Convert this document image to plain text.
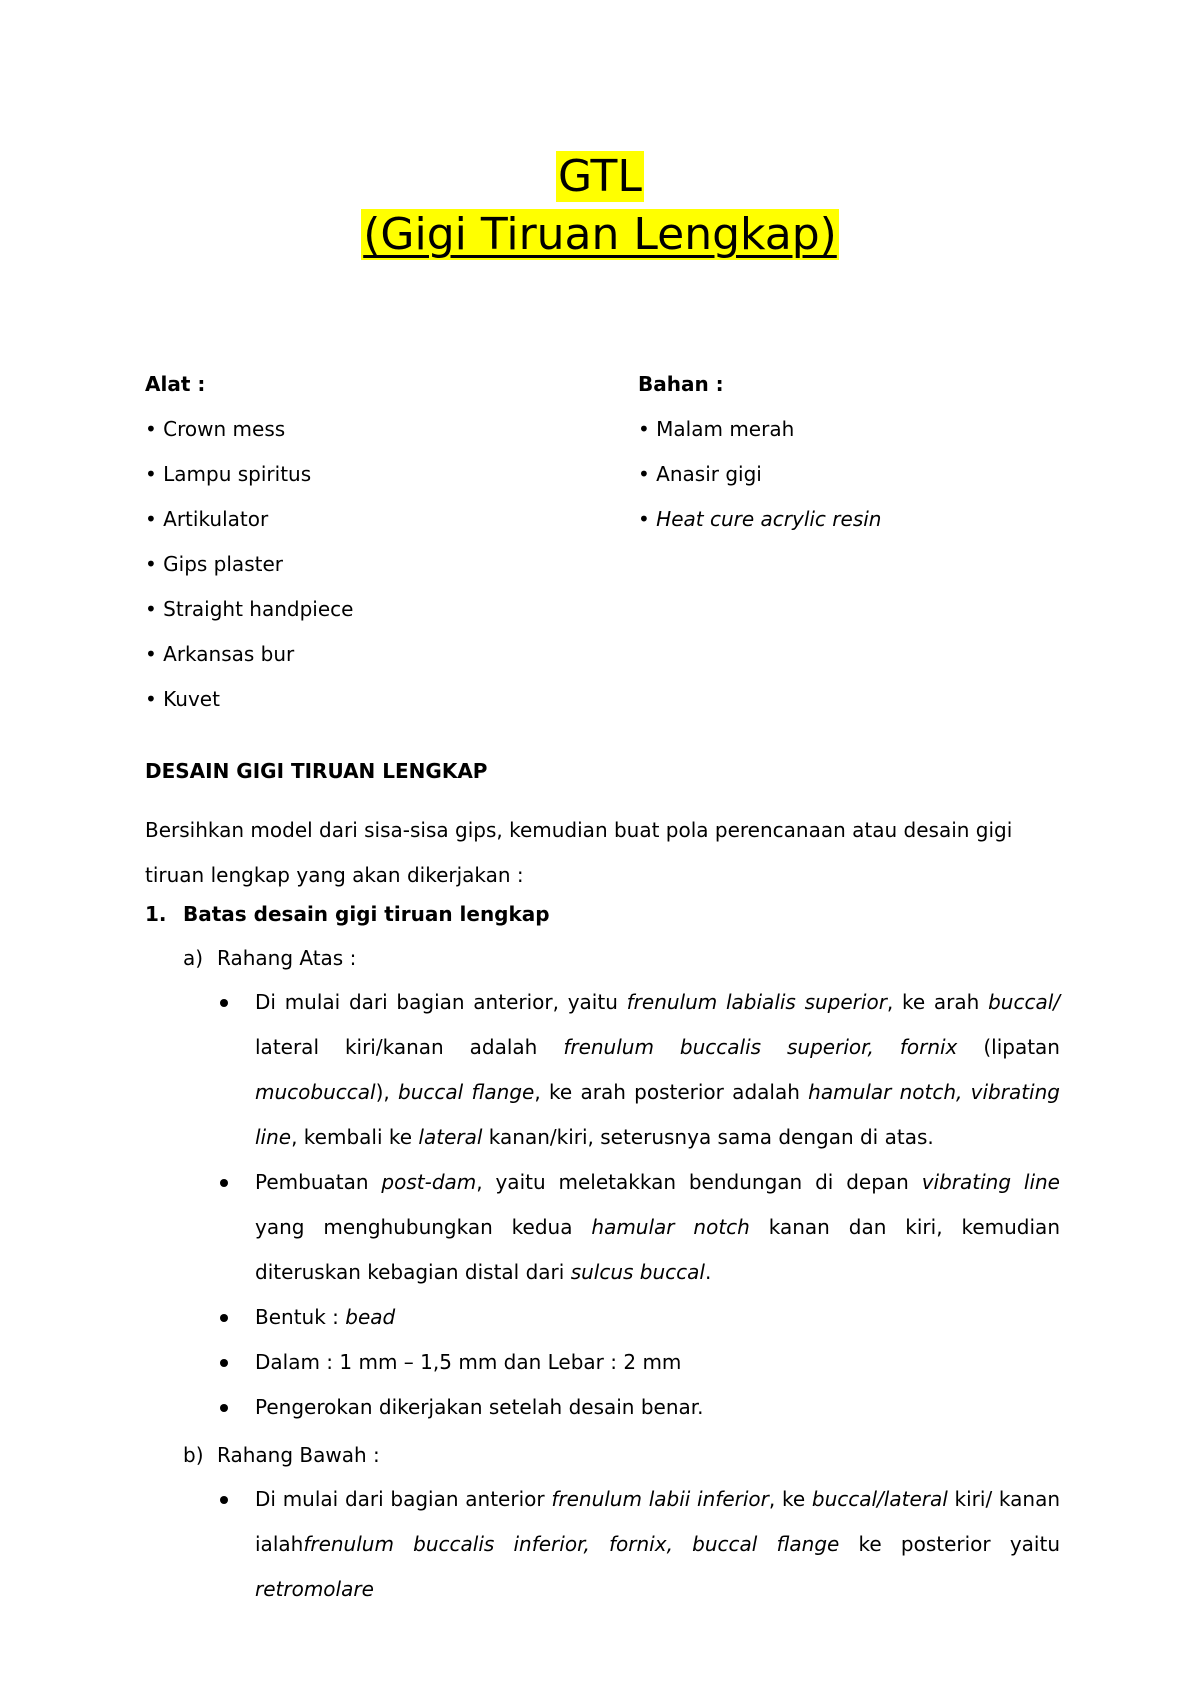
GTL
(Gigi Tiruan Lengkap)
Alat :
• Crown mess
• Lampu spiritus
• Artikulator
• Gips plaster
• Straight handpiece
• Arkansas bur
• Kuvet
Bahan :
• Malam merah
• Anasir gigi
• Heat cure acrylic resin
DESAIN GIGI TIRUAN LENGKAP
Bersihkan model dari sisa-sisa gips, kemudian buat pola perencanaan atau desain gigi tiruan lengkap yang akan dikerjakan :
1. Batas desain gigi tiruan lengkap
a) Rahang Atas :
Di mulai dari bagian anterior, yaitu frenulum labialis superior, ke arah buccal/ lateral kiri/kanan adalah frenulum buccalis superior, fornix (lipatan mucobuccal), buccal flange, ke arah posterior adalah hamular notch, vibrating line, kembali ke lateral kanan/kiri, seterusnya sama dengan di atas.
Pembuatan post-dam, yaitu meletakkan bendungan di depan vibrating line yang menghubungkan kedua hamular notch kanan dan kiri, kemudian diteruskan kebagian distal dari sulcus buccal.
Bentuk : bead
Dalam : 1 mm – 1,5 mm dan Lebar : 2 mm
Pengerokan dikerjakan setelah desain benar.
b) Rahang Bawah :
Di mulai dari bagian anterior frenulum labii inferior, ke buccal/lateral kiri/ kanan ialahfrenulum buccalis inferior, fornix, buccal flange ke posterior yaitu retromolare
